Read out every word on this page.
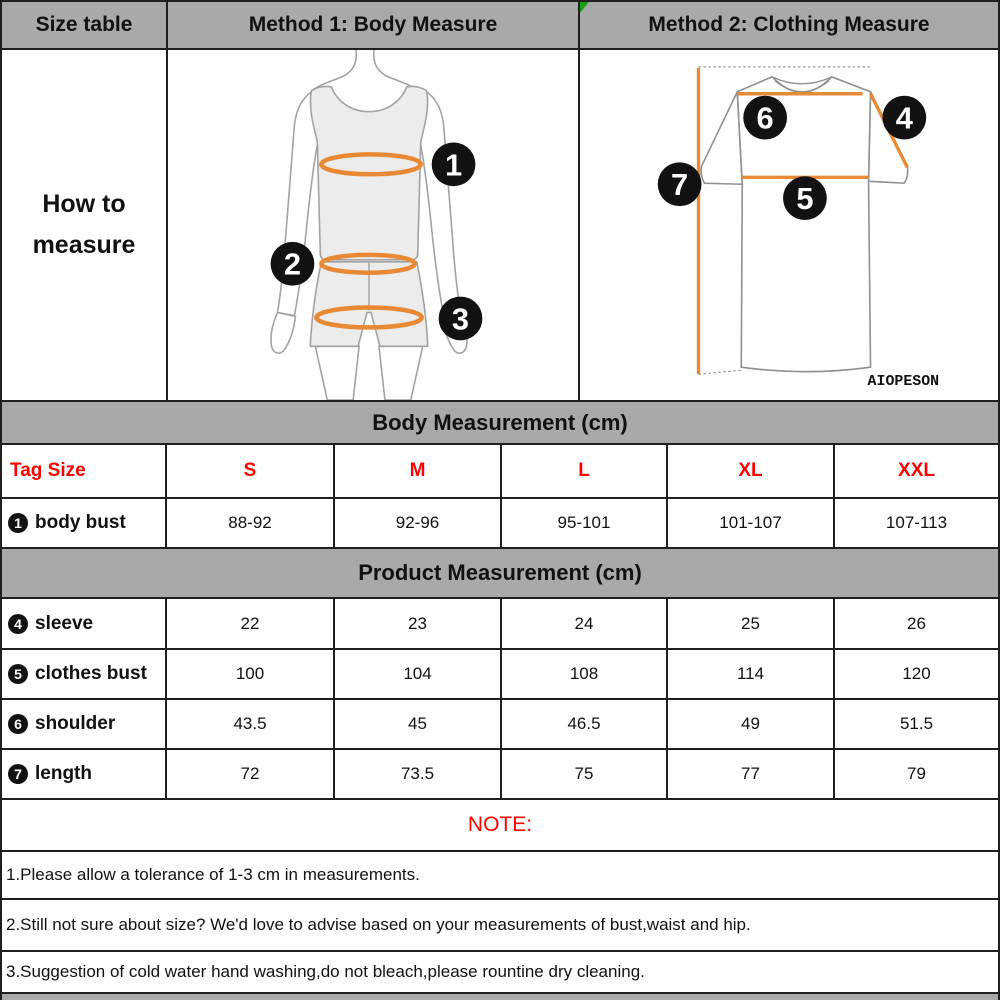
Size table	Method 1: Body Measure	Method 2: Clothing Measure
How to
measure
1
2
3
6	4
5
7
AIOPESON
Body Measurement (cm)
Tag Size	S	M	L	XL	XXL
1 body bust	88-92	92-96	95-101	101-107	107-113
Product Measurement (cm)
4 sleeve	22	23	24	25	26
5 clothes bust	100	104	108	114	120
6 shoulder	43.5	45	46.5	49	51.5
7 length	72	73.5	75	77	79
NOTE:
1.Please allow a tolerance of 1-3 cm in measurements.
2.Still not sure about size? We'd love to advise based on your measurements of bust,waist and hip.
3.Suggestion of cold water hand washing,do not bleach,please rountine dry cleaning.
